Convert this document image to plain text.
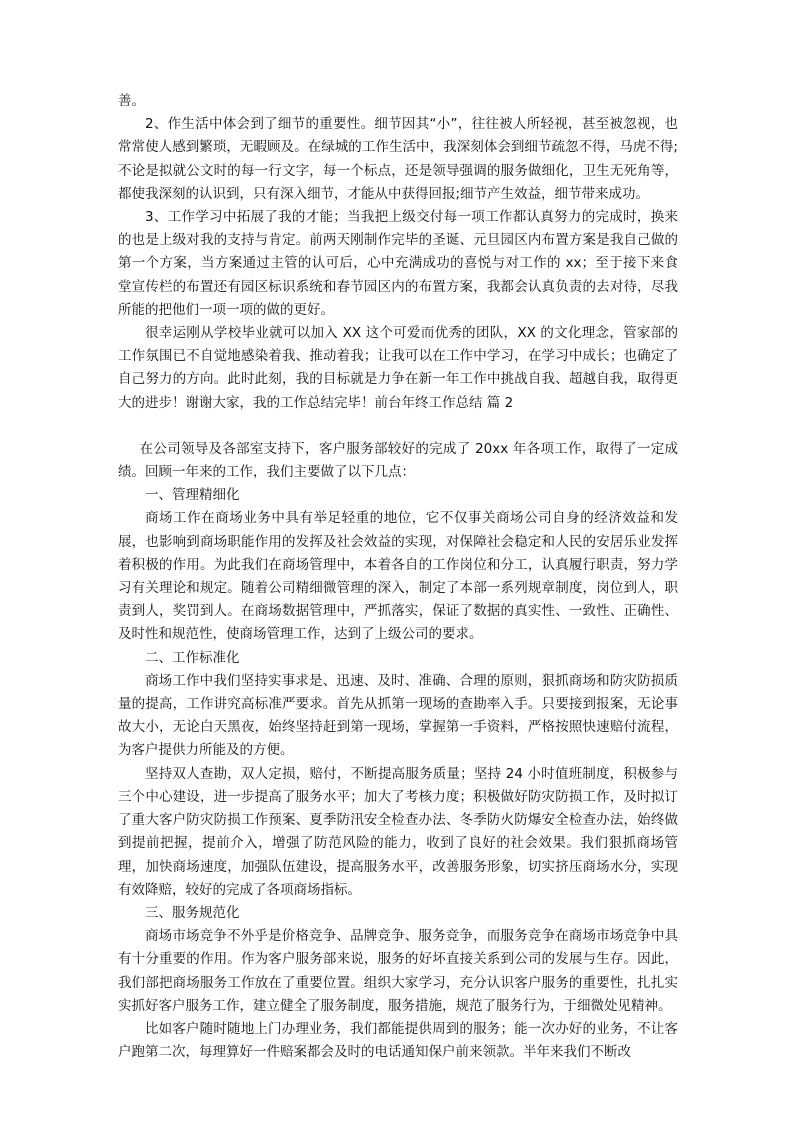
善。

2、作生活中体会到了细节的重要性。细节因其“小”，往往被人所轻视，甚至被忽视，也常常使人感到繁琐，无暇顾及。在绿城的工作生活中，我深刻体会到细节疏忽不得，马虎不得;不论是拟就公文时的每一行文字，每一个标点，还是领导强调的服务做细化，卫生无死角等，都使我深刻的认识到，只有深入细节，才能从中获得回报;细节产生效益，细节带来成功。

3、工作学习中拓展了我的才能；当我把上级交付每一项工作都认真努力的完成时，换来的也是上级对我的支持与肯定。前两天刚制作完毕的圣诞、元旦园区内布置方案是我自己做的第一个方案，当方案通过主管的认可后，心中充满成功的喜悦与对工作的 xx；至于接下来食堂宣传栏的布置还有园区标识系统和春节园区内的布置方案，我都会认真负责的去对待，尽我所能的把他们一项一项的做的更好。

很幸运刚从学校毕业就可以加入 XX 这个可爱而优秀的团队，XX 的文化理念，管家部的工作氛围已不自觉地感染着我、推动着我；让我可以在工作中学习，在学习中成长；也确定了自己努力的方向。此时此刻，我的目标就是力争在新一年工作中挑战自我、超越自我，取得更大的进步！谢谢大家，我的工作总结完毕！前台年终工作总结 篇 2

在公司领导及各部室支持下，客户服务部较好的完成了 20xx 年各项工作，取得了一定成绩。回顾一年来的工作，我们主要做了以下几点：

一、管理精细化

商场工作在商场业务中具有举足轻重的地位，它不仅事关商场公司自身的经济效益和发展，也影响到商场职能作用的发挥及社会效益的实现，对保障社会稳定和人民的安居乐业发挥着积极的作用。为此我们在商场管理中，本着各自的工作岗位和分工，认真履行职责，努力学习有关理论和规定。随着公司精细微管理的深入，制定了本部一系列规章制度，岗位到人，职责到人，奖罚到人。在商场数据管理中，严抓落实，保证了数据的真实性、一致性、正确性、及时性和规范性，使商场管理工作，达到了上级公司的要求。

二、工作标准化

商场工作中我们坚持实事求是、迅速、及时、准确、合理的原则，狠抓商场和防灾防损质量的提高，工作讲究高标准严要求。首先从抓第一现场的查勘率入手。只要接到报案，无论事故大小，无论白天黑夜，始终坚持赶到第一现场，掌握第一手资料，严格按照快速赔付流程，为客户提供力所能及的方便。

坚持双人查勘，双人定损，赔付，不断提高服务质量；坚持 24 小时值班制度，积极参与三个中心建设，进一步提高了服务水平；加大了考核力度；积极做好防灾防损工作，及时拟订了重大客户防灾防损工作预案、夏季防汛安全检查办法、冬季防火防爆安全检查办法，始终做到提前把握，提前介入，增强了防范风险的能力，收到了良好的社会效果。我们狠抓商场管理，加快商场速度，加强队伍建设，提高服务水平，改善服务形象，切实挤压商场水分，实现有效降赔，较好的完成了各项商场指标。

三、服务规范化

商场市场竞争不外乎是价格竞争、品牌竞争、服务竞争，而服务竞争在商场市场竞争中具有十分重要的作用。作为客户服务部来说，服务的好坏直接关系到公司的发展与生存。因此，我们部把商场服务工作放在了重要位置。组织大家学习，充分认识客户服务的重要性，扎扎实实抓好客户服务工作，建立健全了服务制度，服务措施，规范了服务行为，于细微处见精神。

比如客户随时随地上门办理业务，我们都能提供周到的服务；能一次办好的业务，不让客户跑第二次，每理算好一件赔案都会及时的电话通知保户前来领款。半年来我们不断改
